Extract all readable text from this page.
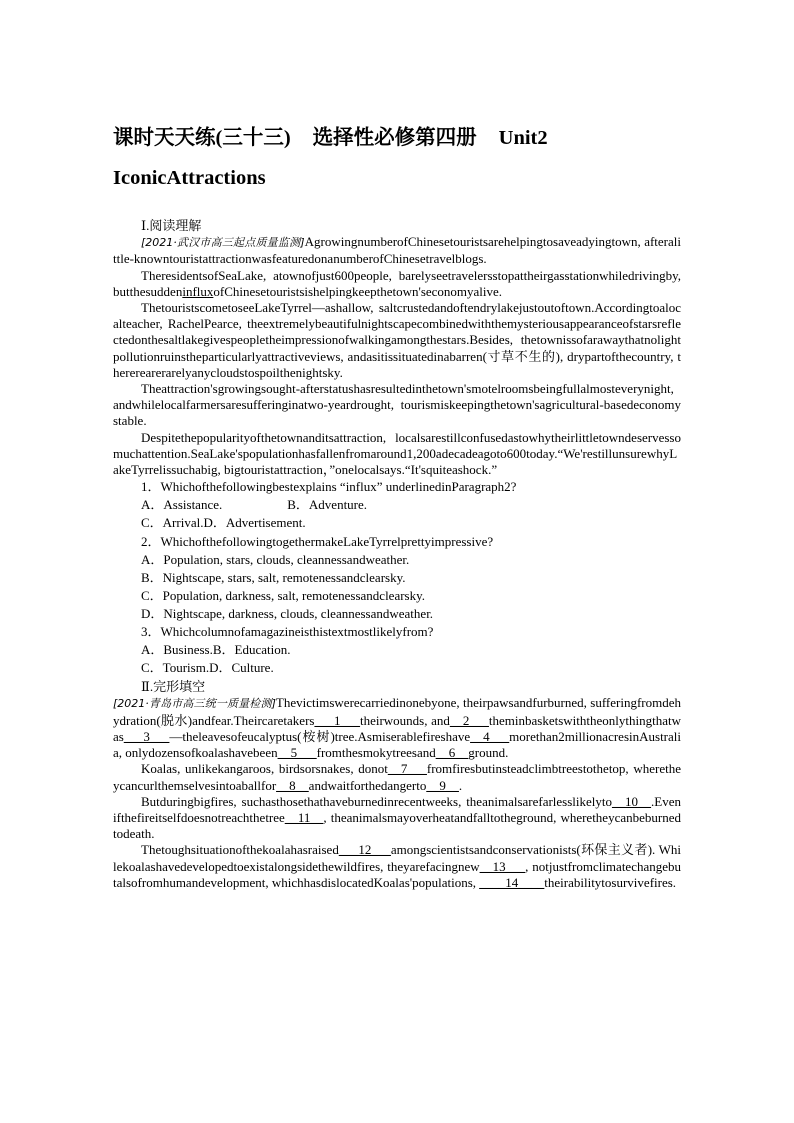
课时天天练(三十三) 选择性必修第四册 Unit2
IconicAttractions
Ⅰ.阅读理解

[2021·武汉市高三起点质量监测]AgrowingnumberofChinesetouristsarehelpingtosaveadyingtown, afteralittle-knowntouristattractionwasfeaturedonanumberofChinesetravelblogs.

TheresidentsofSeaLake, atownofjust600people, barelyseetravelersstopattheirgasstationwhiledrivingby, butthesuddeninfluxofChinesetouristsishelpingkeepthetown'seconomyalive.

ThetouristscometoseeLakeTyrrel—ashallow, saltcrustedandoftendrylakejustoutoftown.Accordingtoalocalteacher, RachelPearce, theextremelybeautifulnightscapecombinedwiththemysteriousappearanceofstarsreflectedonthesaltlakegivespeopletheimpressionofwalkingamongthestars.Besides, thetownissofarawaythatnolightpollutionruinstheparticularlyattractiveviews, andasitissituatedinabarren(寸草不生的), drypartofthecountry, thererearerarelyanycloudstospoilthenightsky.

Theattraction'sgrowingsought-afterstatushasresultedinthetown'smotelroomsbeingfullalmosteverynight, andwhilelocalfarmersaresufferinginatwo-yeardrought, tourismiskeepingthetown'sagricultural-basedeconomystable.

Despitethepopularityofthetownanditsattraction, localsarestillconfusedastowhytheirlittletowndeservessomuchattention.SeaLake'spopulationhasfallenfromaround1,200adecadeagoto600today.“We'restillunsurewhyLakeTyrrelissuchabig, bigtouristattraction，”onelocalsays.“It'squiteashock.”

1．Whichofthefollowingbestexplains “influx” underlinedinParagraph2?

A．Assistance.　　　　　B．Adventure.

C．Arrival.D．Advertisement.

2．WhichofthefollowingtogethermakeLakeTyrrelprettyimpressive?

A．Population, stars, clouds, cleannessandweather.

B．Nightscape, stars, salt, remotenessandclearsky.

C．Population, darkness, salt, remotenessandclearsky.

D．Nightscape, darkness, clouds, cleannessandweather.

3．Whichcolumnofamagazineisthistextmostlikelyfrom?

A．Business.B．Education.

C．Tourism.D．Culture.

Ⅱ.完形填空

[2021·青岛市高三统一质量检测]Thevictimswerecarriedinonebyone, theirpawsandfurburned, sufferingfromdehydration(脱水)andfear.Theircaretakers___1___theirwounds, and__2___theminbasketswiththeonlythingthatwas___3___—theleavesofeucalyptus(桉树)tree.Asmiserablefireshave__4___morethan2millionacresinAustralia, onlydozensofkoalashavebeen__5___fromthesmokytreesand__6__ground.

Koalas, unlikekangaroos, birdsorsnakes, donot__7___fromfiresbutinsteadclimbtreestothetop, wheretheycancurlthemselvesintoaballfor__8__andwaitforthedangerto__9__.

Butduringbigfires, suchasthosethathaveburnedinrecentweeks, theanimalsarefarlesslikelyto__10__.Evenifthefireitselfdoesnotreachthetree__11__, theanimalsmayoverheatandfalltotheground, wheretheycanbeburnedtodeath.

Thetoughsituationofthekoalahasraised___12___amongscientistsandconservationists(环保主义者). Whilekoalashavedevelopedtoexistalongsidethewildfires, theyarefacingnew__13___, notjustfromclimatechangebutalsofromhumandevelopment, whichhasdislocatedKoalas'populations, ____14____theirabilitytosurvivefires.
